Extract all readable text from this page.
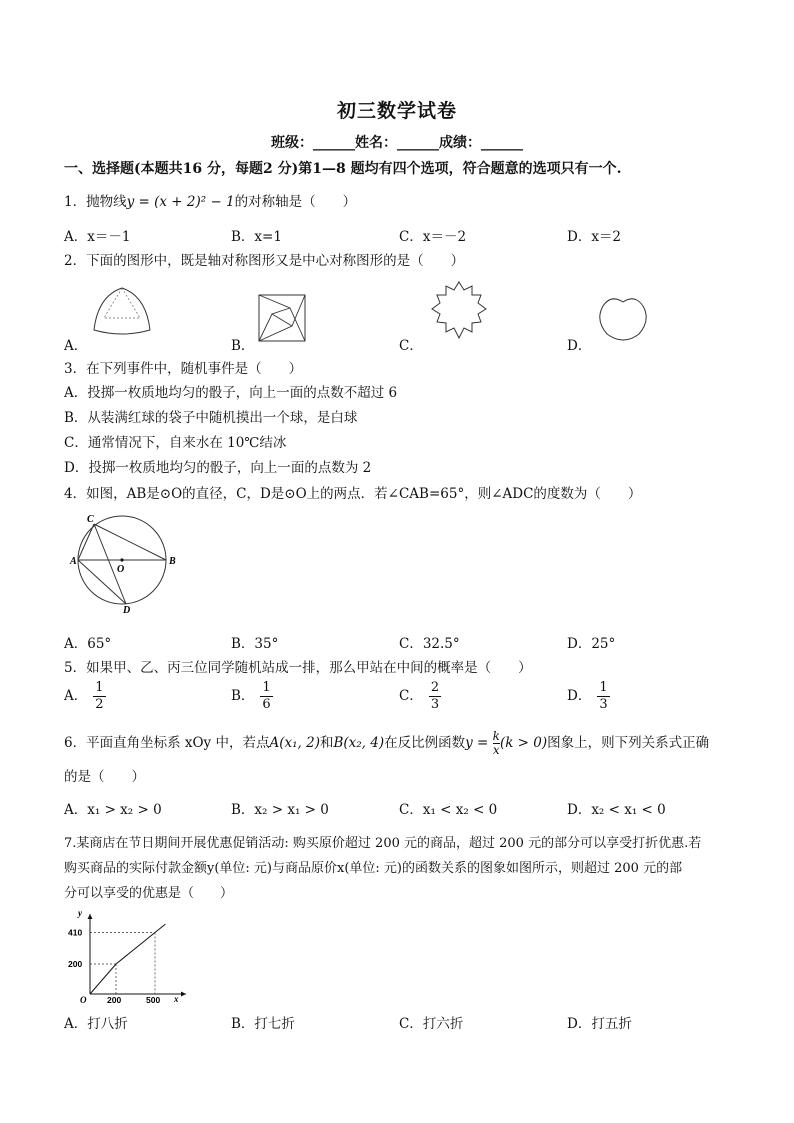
初三数学试卷
班级：______姓名：______成绩：______
一、选择题(本题共16 分，每题2 分)第1—8 题均有四个选项，符合题意的选项只有一个.
1．抛物线y = (x + 2)² − 1的对称轴是（　　）
A．x＝－1	B．x=1	C．x＝－2	D．x＝2
2．下面的图形中，既是轴对称图形又是中心对称图形的是（　　）
A．	B．	C．	D．
3．在下列事件中，随机事件是（　　）
A．投掷一枚质地均匀的骰子，向上一面的点数不超过 6
B．从装满红球的袋子中随机摸出一个球，是白球
C．通常情况下，自来水在 10℃结冰
D．投掷一枚质地均匀的骰子，向上一面的点数为 2
4．如图，AB是⊙O的直径，C，D是⊙O上的两点．若∠CAB=65°，则∠ADC的度数为（　　）
A	B
C
D
O
A．65°	B．35°	C．32.5°	D．25°
5．如果甲、乙、丙三位同学随机站成一排，那么甲站在中间的概率是（　　）
A． $\frac{1}{2}$	B． $\frac{1}{6}$	C． $\frac{2}{3}$	D． $\frac{1}{3}$
6．平面直角坐标系 xOy 中，若点A(x₁, 2)和B(x₂, 4)在反比例函数$y = \frac{k}{x}(k > 0)$图象上，则下列关系式正确
的是（　　）
A．x₁ > x₂ > 0	B．x₂ > x₁ > 0	C．x₁ < x₂ < 0	D．x₂ < x₁ < 0
7.某商店在节日期间开展优惠促销活动: 购买原价超过 200 元的商品，超过 200 元的部分可以享受打折优惠.若
购买商品的实际付款金额y(单位: 元)与商品原价x(单位: 元)的函数关系的图象如图所示，则超过 200 元的部
分可以享受的优惠是（　　）
x
y
O 200	500
200
410
A．打八折	B．打七折	C．打六折	D．打五折
